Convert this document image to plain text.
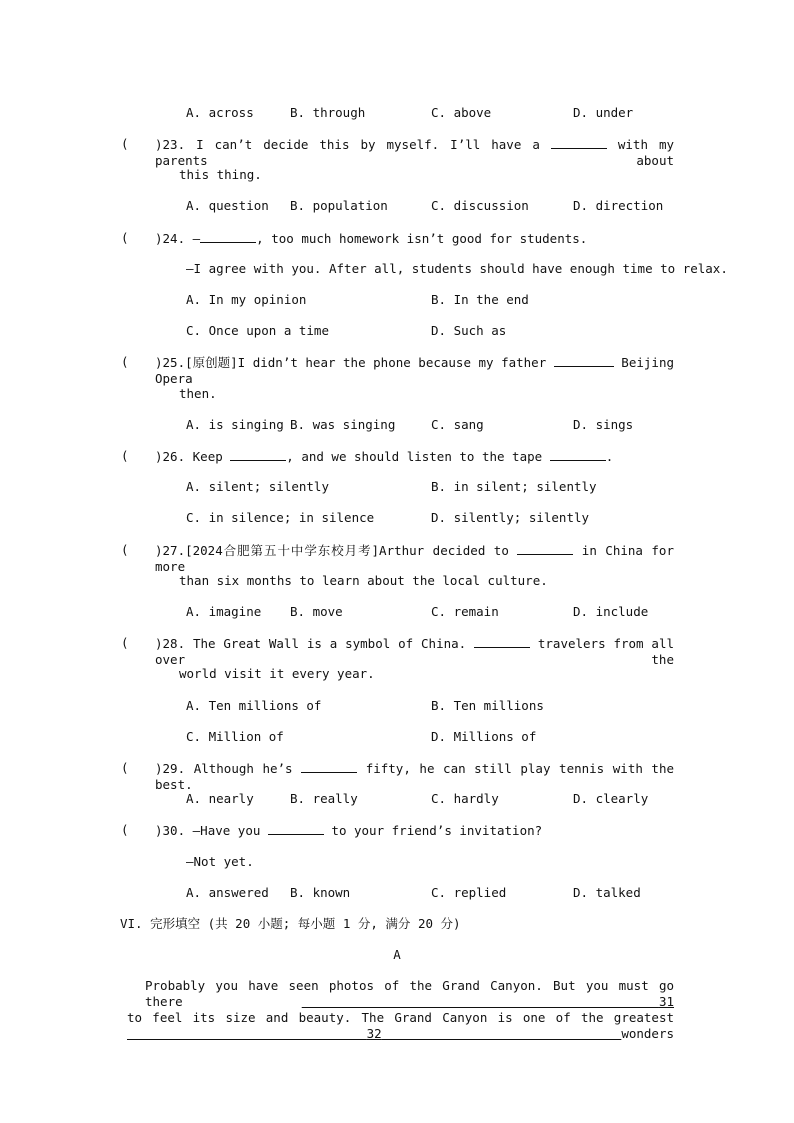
A. across	B. through	C. above	D. under
( )23. I can’t decide this by myself. I’ll have a	with my parents about
this thing.
A. question B. population	C. discussion	D. direction
( )24. —	, too much homework isn’t good for students.
—I agree with you. After all, students should have enough time to relax.
A. In my opinion	B. In the end
C. Once upon a time	D. Such as
( )25.[原创题]I didn’t hear the phone because my father	Beijing Opera
then.
A. is singing B. was singing	C. sang	D. sings
( )26. Keep	, and we should listen to the tape	.
A. silent; silently	B. in silent; silently
C. in silence; in silence	D. silently; silently
( )27.[2024合肥第五十中学东校月考]Arthur decided to	in China for more
than six months to learn about the local culture.
A. imagine B. move	C. remain	D. include
( )28. The Great Wall is a symbol of China.	travelers from all over the
world visit it every year.
A. Ten millions of	B. Ten millions
C. Million of	D. Millions of
( )29. Although he’s	fifty, he can still play tennis with the best.
A. nearly	B. really	C. hardly	D. clearly
( )30. —Have you	to your friend’s invitation?
—Not yet.
A. answered B. known	C. replied	D. talked
VI. 完形填空 (共 20 小题; 每小题 1 分, 满分 20 分)
A
Probably you have seen photos of the Grand Canyon. But you must go there	31
to feel its size and beauty. The Grand Canyon is one of the greatest    32	wonders
